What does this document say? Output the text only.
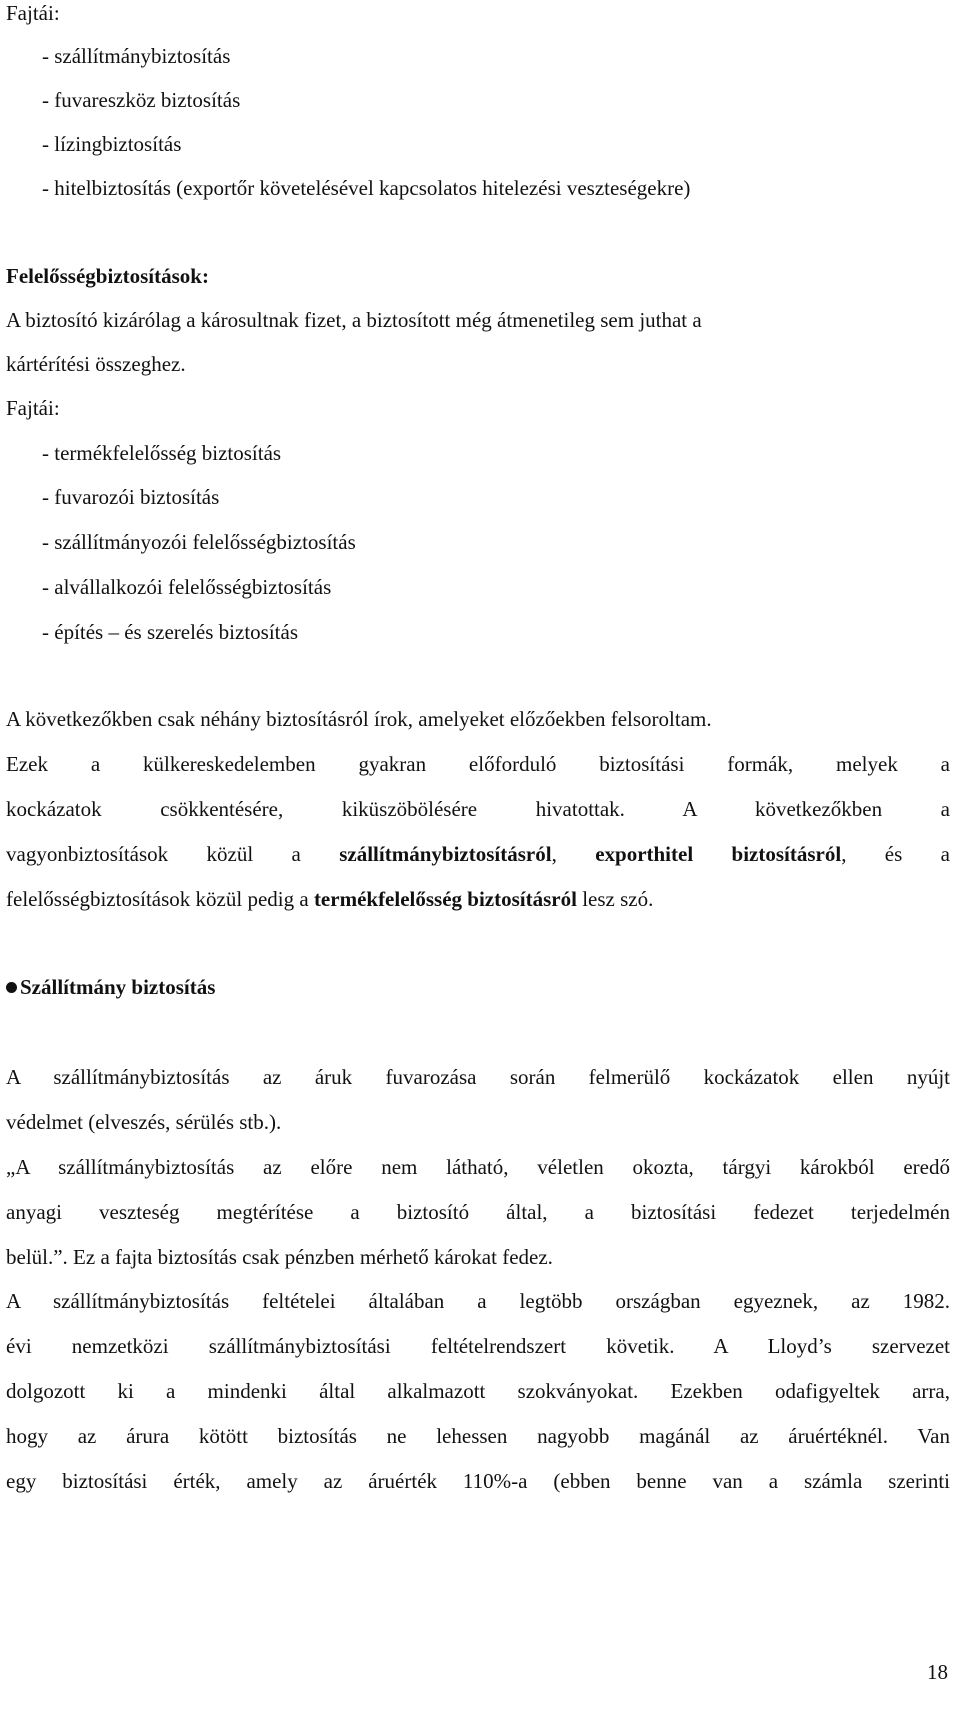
Fajtái:
- szállítmánybiztosítás
- fuvareszköz biztosítás
- lízingbiztosítás
- hitelbiztosítás (exportőr követelésével kapcsolatos hitelezési veszteségekre)
Felelősségbiztosítások:
A biztosító kizárólag a károsultnak fizet, a biztosított még átmenetileg sem juthat a
kártérítési összeghez.
Fajtái:
- termékfelelősség biztosítás
- fuvarozói biztosítás
- szállítmányozói felelősségbiztosítás
- alvállalkozói felelősségbiztosítás
- építés – és szerelés biztosítás
A következőkben csak néhány biztosításról írok, amelyeket előzőekben felsoroltam.
Ezek a külkereskedelemben gyakran előforduló biztosítási formák, melyek a
kockázatok csökkentésére, kiküszöbölésére hivatottak. A következőkben a
vagyonbiztosítások közül a szállítmánybiztosításról, exporthitel biztosításról, és a
felelősségbiztosítások közül pedig a termékfelelősség biztosításról lesz szó.
Szállítmány biztosítás
A szállítmánybiztosítás az áruk fuvarozása során felmerülő kockázatok ellen nyújt
védelmet (elveszés, sérülés stb.).
„A szállítmánybiztosítás az előre nem látható, véletlen okozta, tárgyi károkból eredő
anyagi veszteség megtérítése a biztosító által, a biztosítási fedezet terjedelmén
belül.”. Ez a fajta biztosítás csak pénzben mérhető károkat fedez.
A szállítmánybiztosítás feltételei általában a legtöbb országban egyeznek, az 1982.
évi nemzetközi szállítmánybiztosítási feltételrendszert követik. A Lloyd’s szervezet
dolgozott ki a mindenki által alkalmazott szokványokat. Ezekben odafigyeltek arra,
hogy az árura kötött biztosítás ne lehessen nagyobb magánál az áruértéknél. Van
egy biztosítási érték, amely az áruérték 110%-a (ebben benne van a számla szerinti
18
